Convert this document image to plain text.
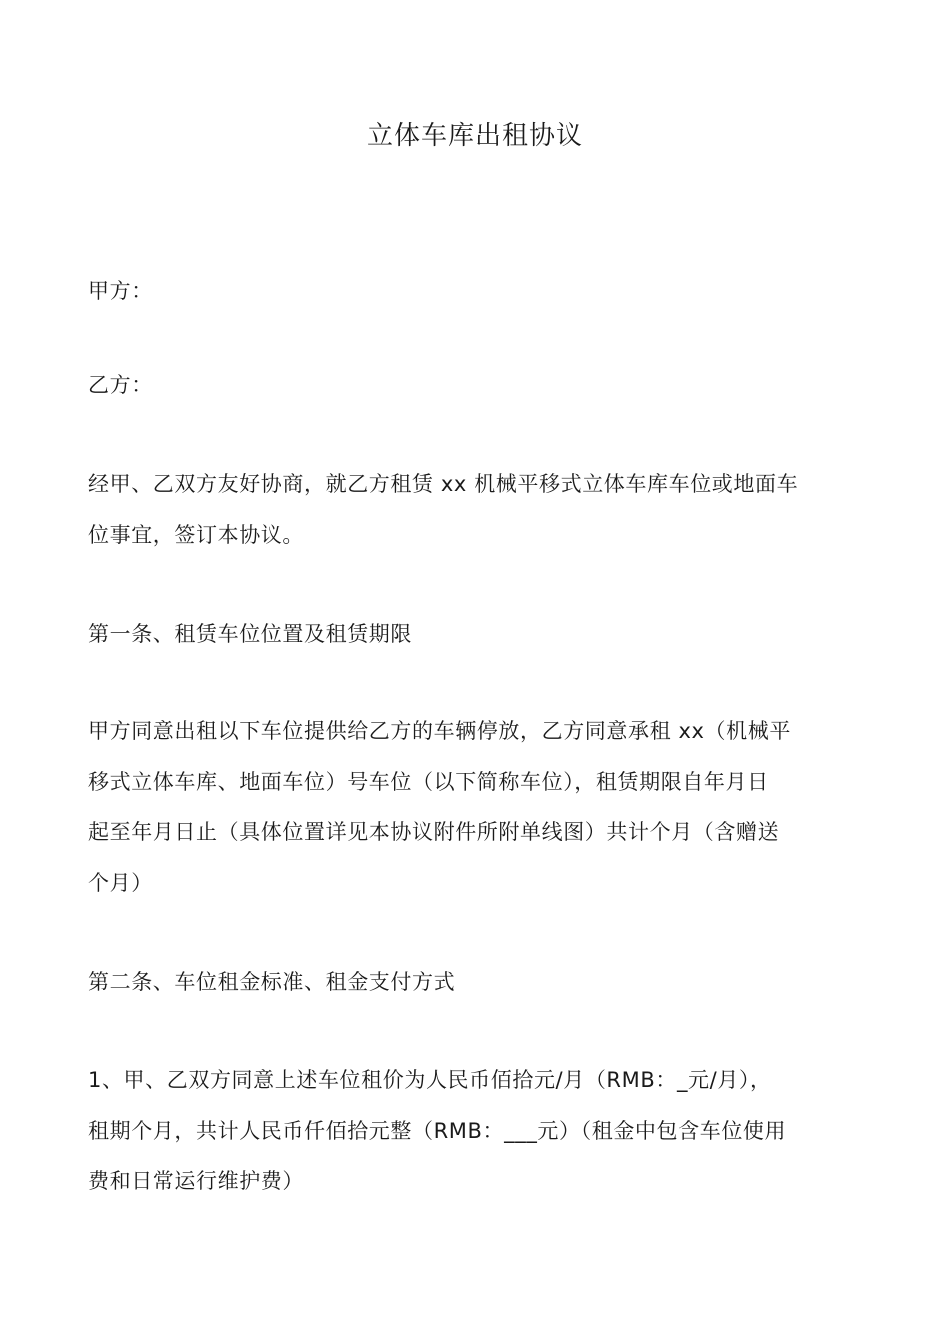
立体车库出租协议
甲方：
乙方：
经甲、乙双方友好协商，就乙方租赁 xx 机械平移式立体车库车位或地面车
位事宜，签订本协议。
第一条、租赁车位位置及租赁期限
甲方同意出租以下车位提供给乙方的车辆停放，乙方同意承租 xx（机械平
移式立体车库、地面车位）号车位（以下简称车位），租赁期限自年月日
起至年月日止（具体位置详见本协议附件所附单线图）共计个月（含赠送
个月）
第二条、车位租金标准、租金支付方式
1、甲、乙双方同意上述车位租价为人民币佰拾元/月（RMB：_元/月），
租期个月，共计人民币仟佰拾元整（RMB：___元）（租金中包含车位使用
费和日常运行维护费）
